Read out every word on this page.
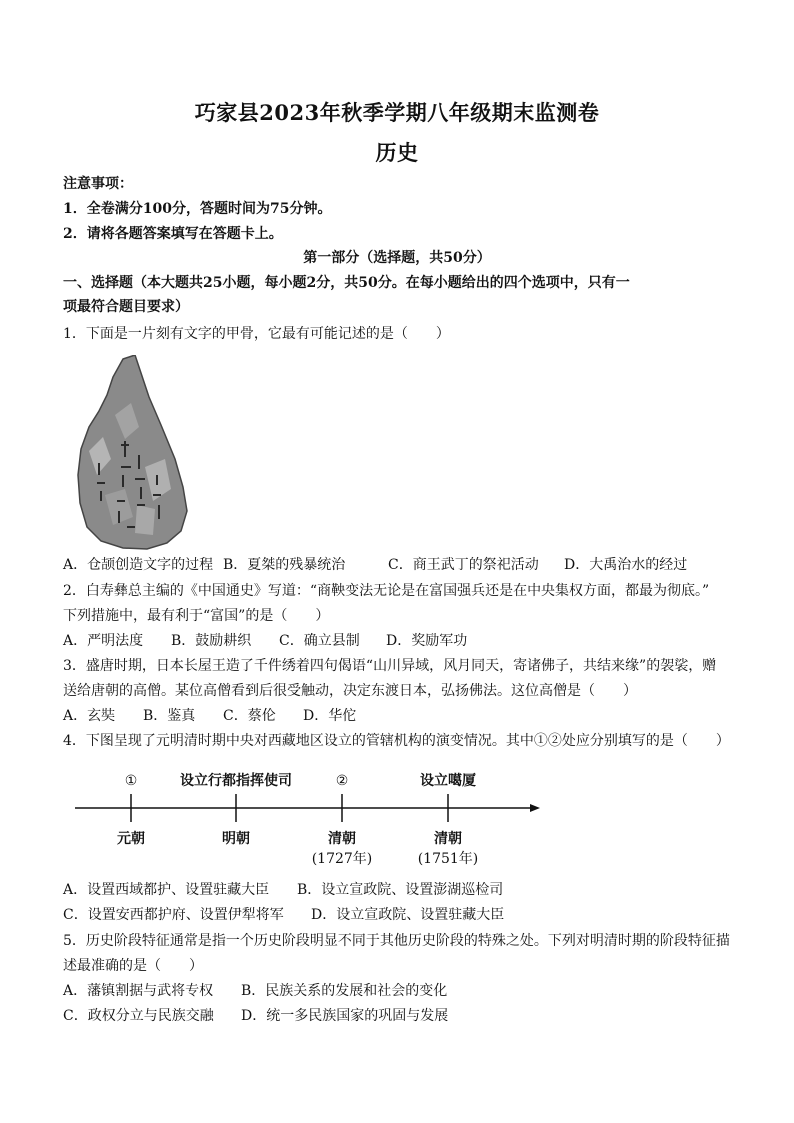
巧家县2023年秋季学期八年级期末监测卷
历史
注意事项：
1．全卷满分100分，答题时间为75分钟。
2．请将各题答案填写在答题卡上。
第一部分（选择题，共50分）
一、选择题（本大题共25小题，每小题2分，共50分。在每小题给出的四个选项中，只有一
项最符合题目要求）
1．下面是一片刻有文字的甲骨，它最有可能记述的是（　　）
A．仓颉创造文字的过程 B．夏桀的残暴统治	C．商王武丁的祭祀活动 D．大禹治水的经过
2．白寿彝总主编的《中国通史》写道：“商鞅变法无论是在富国强兵还是在中央集权方面，都最为彻底。”
下列措施中，最有利于“富国”的是（　　）
A．严明法度 B．鼓励耕织 C．确立县制 D．奖励军功
3．盛唐时期，日本长屋王造了千件绣着四句偈语“山川异域，风月同天，寄诸佛子，共结来缘”的袈裟，赠
送给唐朝的高僧。某位高僧看到后很受触动，决定东渡日本，弘扬佛法。这位高僧是（　　）
A．玄奘 B．鉴真 C．蔡伦 D．华佗
4．下图呈现了元明清时期中央对西藏地区设立的管辖机构的演变情况。其中①②处应分别填写的是（　　）
①	设立行都指挥使司	②	设立噶厦
元朝	明朝	清朝	清朝
(1727年)	(1751年)
A．设置西域都护、设置驻藏大臣 B．设立宣政院、设置澎湖巡检司
C．设置安西都护府、设置伊犁将军 D．设立宣政院、设置驻藏大臣
5．历史阶段特征通常是指一个历史阶段明显不同于其他历史阶段的特殊之处。下列对明清时期的阶段特征描
述最准确的是（　　）
A．藩镇割据与武将专权 B．民族关系的发展和社会的变化
C．政权分立与民族交融 D．统一多民族国家的巩固与发展
